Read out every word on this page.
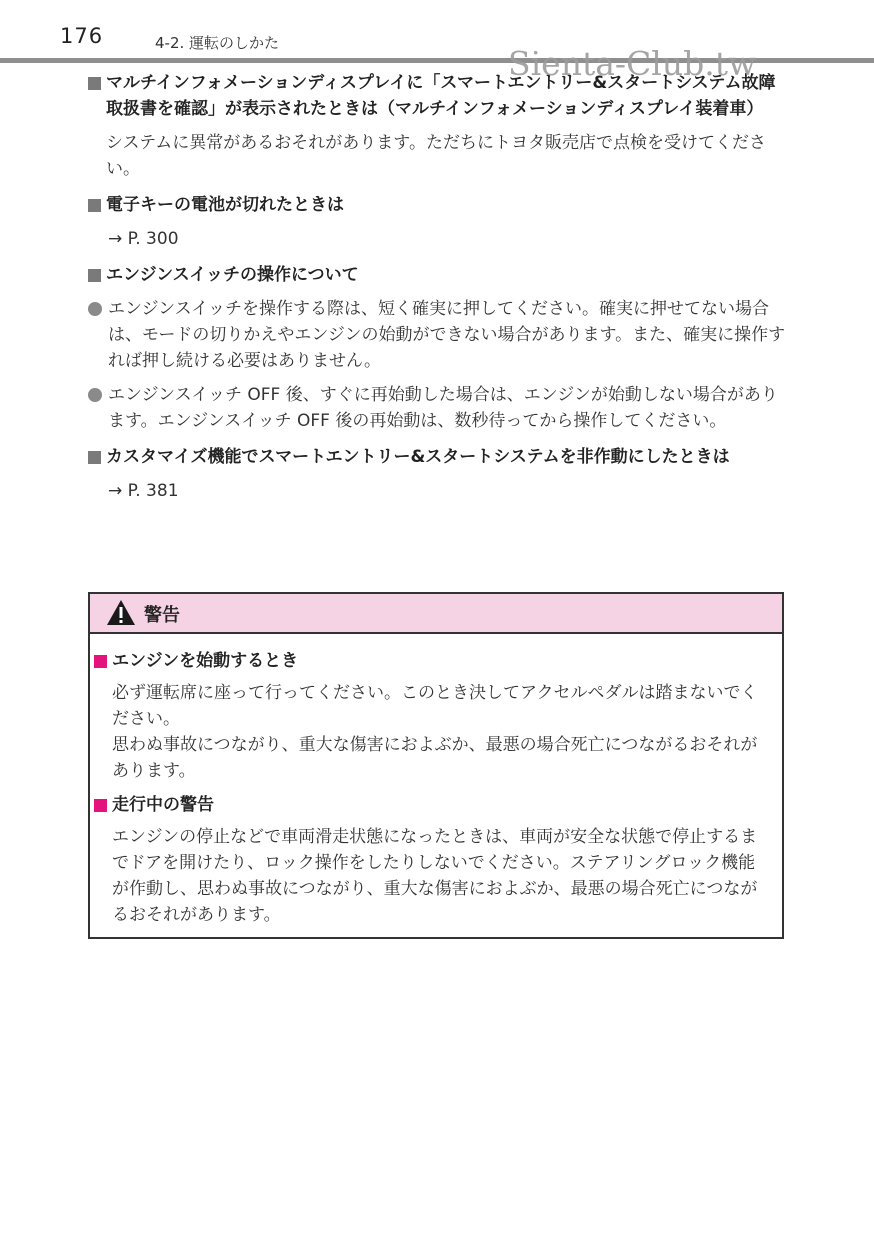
176	4-2. 運転のしかた
Sienta-Club.tw
マルチインフォメーションディスプレイに「スマートエントリー&スタートシステム故障　取扱書を確認」が表示されたときは（マルチインフォメーションディスプレイ装着車）
システムに異常があるおそれがあります。ただちにトヨタ販売店で点検を受けてください。
電子キーの電池が切れたときは
→ P. 300
エンジンスイッチの操作について
エンジンスイッチを操作する際は、短く確実に押してください。確実に押せてない場合は、モードの切りかえやエンジンの始動ができない場合があります。また、確実に操作すれば押し続ける必要はありません。
エンジンスイッチ OFF 後、すぐに再始動した場合は、エンジンが始動しない場合があります。エンジンスイッチ OFF 後の再始動は、数秒待ってから操作してください。
カスタマイズ機能でスマートエントリー&スタートシステムを非作動にしたときは
→ P. 381
警告
エンジンを始動するとき
必ず運転席に座って行ってください。このとき決してアクセルペダルは踏まないでください。
思わぬ事故につながり、重大な傷害におよぶか、最悪の場合死亡につながるおそれがあります。
走行中の警告
エンジンの停止などで車両滑走状態になったときは、車両が安全な状態で停止するまでドアを開けたり、ロック操作をしたりしないでください。ステアリングロック機能が作動し、思わぬ事故につながり、重大な傷害におよぶか、最悪の場合死亡につながるおそれがあります。
